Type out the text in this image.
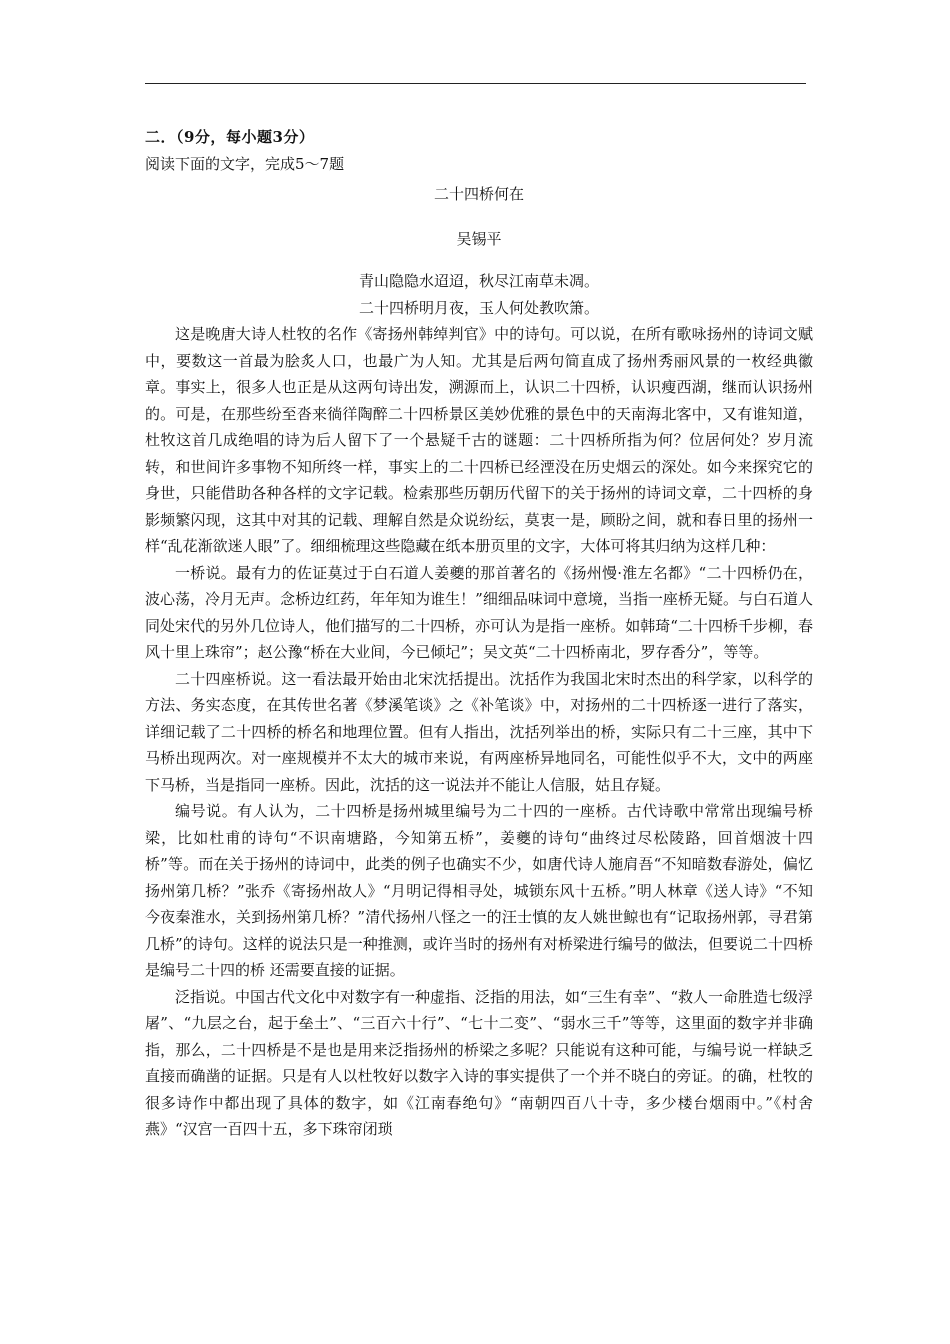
二．（9分，每小题3分）
阅读下面的文字，完成5～7题
二十四桥何在
吴锡平
青山隐隐水迢迢，秋尽江南草未凋。
二十四桥明月夜，玉人何处教吹箫。

这是晚唐大诗人杜牧的名作《寄扬州韩绰判官》中的诗句。可以说，在所有歌咏扬州的诗词文赋中，要数这一首最为脍炙人口，也最广为人知。尤其是后两句简直成了扬州秀丽风景的一枚经典徽章。事实上，很多人也正是从这两句诗出发，溯源而上，认识二十四桥，认识瘦西湖，继而认识扬州的。可是，在那些纷至沓来徜徉陶醉二十四桥景区美妙优雅的景色中的天南海北客中，又有谁知道，杜牧这首几成绝唱的诗为后人留下了一个悬疑千古的谜题：二十四桥所指为何？位居何处？岁月流转，和世间许多事物不知所终一样，事实上的二十四桥已经湮没在历史烟云的深处。如今来探究它的身世，只能借助各种各样的文字记载。检索那些历朝历代留下的关于扬州的诗词文章，二十四桥的身影频繁闪现，这其中对其的记载、理解自然是众说纷纭，莫衷一是，顾盼之间，就和春日里的扬州一样“乱花渐欲迷人眼”了。细细梳理这些隐藏在纸本册页里的文字，大体可将其归纳为这样几种：

一桥说。最有力的佐证莫过于白石道人姜夔的那首著名的《扬州慢·淮左名都》“二十四桥仍在，波心荡，冷月无声。念桥边红药，年年知为谁生！”细细品味词中意境，当指一座桥无疑。与白石道人同处宋代的另外几位诗人，他们描写的二十四桥，亦可认为是指一座桥。如韩琦“二十四桥千步柳，春风十里上珠帘”；赵公豫“桥在大业间，今已倾圮”；吴文英“二十四桥南北，罗存香分”，等等。

二十四座桥说。这一看法最开始由北宋沈括提出。沈括作为我国北宋时杰出的科学家，以科学的方法、务实态度，在其传世名著《梦溪笔谈》之《补笔谈》中，对扬州的二十四桥逐一进行了落实，详细记载了二十四桥的桥名和地理位置。但有人指出，沈括列举出的桥，实际只有二十三座，其中下马桥出现两次。对一座规模并不太大的城市来说，有两座桥异地同名，可能性似乎不大，文中的两座下马桥，当是指同一座桥。因此，沈括的这一说法并不能让人信服，姑且存疑。

编号说。有人认为，二十四桥是扬州城里编号为二十四的一座桥。古代诗歌中常常出现编号桥梁，比如杜甫的诗句“不识南塘路，今知第五桥”，姜夔的诗句“曲终过尽松陵路，回首烟波十四桥”等。而在关于扬州的诗词中，此类的例子也确实不少，如唐代诗人施肩吾“不知暗数春游处，偏忆扬州第几桥？”张乔《寄扬州故人》“月明记得相寻处，城锁东风十五桥。”明人林章《送人诗》“不知今夜秦淮水，关到扬州第几桥？”清代扬州八怪之一的汪士慎的友人姚世鲸也有“记取扬州郭，寻君第几桥”的诗句。这样的说法只是一种推测，或许当时的扬州有对桥梁进行编号的做法，但要说二十四桥是编号二十四的桥 还需要直接的证据。

泛指说。中国古代文化中对数字有一种虚指、泛指的用法，如“三生有幸”、“救人一命胜造七级浮屠”、“九层之台，起于垒土”、“三百六十行”、“七十二变”、“弱水三千”等等，这里面的数字并非确指，那么，二十四桥是不是也是用来泛指扬州的桥梁之多呢？只能说有这种可能，与编号说一样缺乏直接而确凿的证据。只是有人以杜牧好以数字入诗的事实提供了一个并不晓白的旁证。的确，杜牧的很多诗作中都出现了具体的数字，如《江南春绝句》“南朝四百八十寺，多少楼台烟雨中。”《村舍燕》“汉宫一百四十五，多下珠帘闭琐
